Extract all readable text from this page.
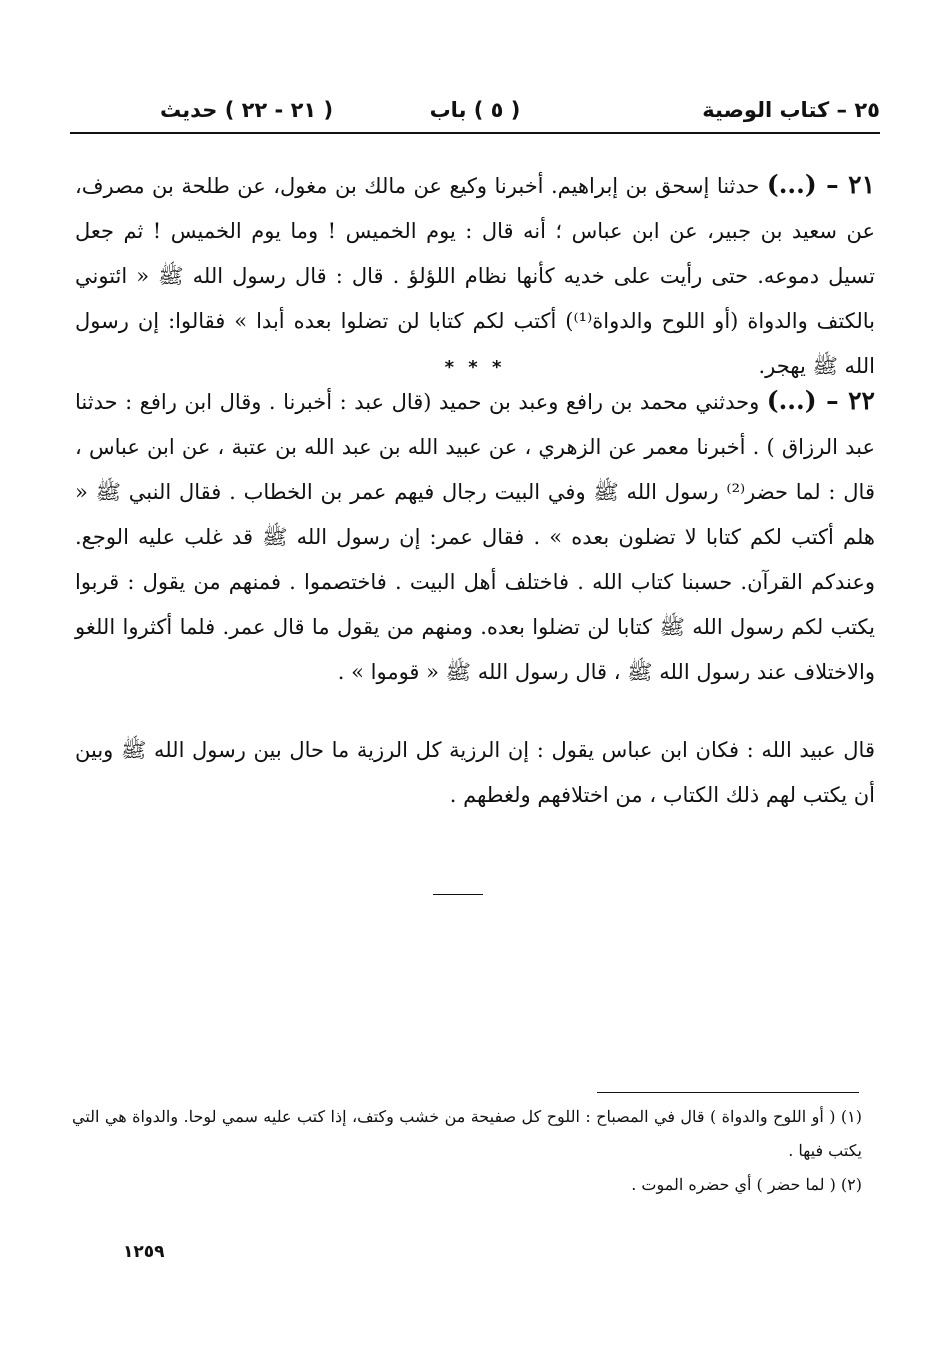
٢٥ – كتاب الوصية
( ٥ ) باب
( ٢١ - ٢٢ ) حديث

٢١ – (...) حدثنا إسحق بن إبراهيم. أخبرنا وكيع عن مالك بن مغول، عن طلحة بن مصرف، عن سعيد بن جبير، عن ابن عباس ؛ أنه قال : يوم الخميس ! وما يوم الخميس ! ثم جعل تسيل دموعه. حتى رأيت على خديه كأنها نظام اللؤلؤ . قال : قال رسول الله ﷺ « ائتوني بالكتف والدواة (أو اللوح والدواة⁽¹⁾) أكتب لكم كتابا لن تضلوا بعده أبدا » فقالوا: إن رسول الله ﷺ يهجر.

* * *

٢٢ – (...) وحدثني محمد بن رافع وعبد بن حميد (قال عبد : أخبرنا . وقال ابن رافع : حدثنا عبد الرزاق ) . أخبرنا معمر عن الزهري ، عن عبيد الله بن عبد الله بن عتبة ، عن ابن عباس ، قال : لما حضر⁽²⁾ رسول الله ﷺ وفي البيت رجال فيهم عمر بن الخطاب . فقال النبي ﷺ « هلم أكتب لكم كتابا لا تضلون بعده » . فقال عمر: إن رسول الله ﷺ قد غلب عليه الوجع. وعندكم القرآن. حسبنا كتاب الله . فاختلف أهل البيت . فاختصموا . فمنهم من يقول : قربوا يكتب لكم رسول الله ﷺ كتابا لن تضلوا بعده. ومنهم من يقول ما قال عمر. فلما أكثروا اللغو والاختلاف عند رسول الله ﷺ ، قال رسول الله ﷺ « قوموا » .

قال عبيد الله : فكان ابن عباس يقول : إن الرزية كل الرزية ما حال بين رسول الله ﷺ وبين أن يكتب لهم ذلك الكتاب ، من اختلافهم ولغطهم .

(١) ( أو اللوح والدواة ) قال في المصباح : اللوح كل صفيحة من خشب وكتف، إذا كتب عليه سمي لوحا. والدواة هي التي يكتب فيها .

(٢) ( لما حضر ) أي حضره الموت .

١٢٥٩
